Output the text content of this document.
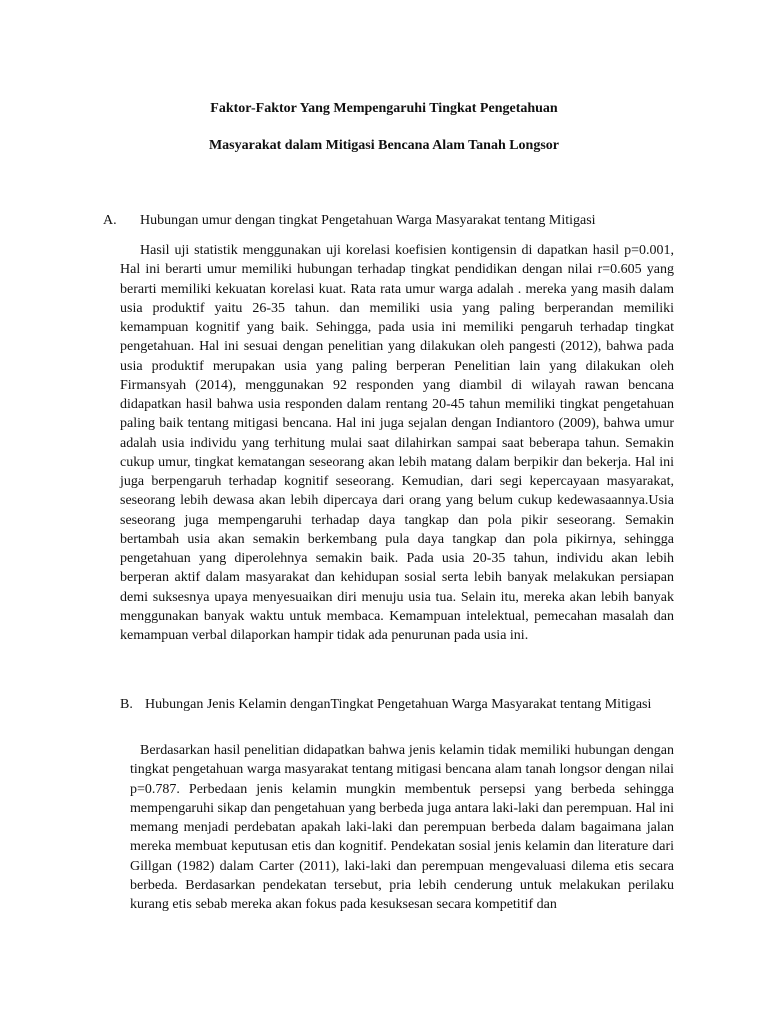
Faktor-Faktor Yang Mempengaruhi Tingkat Pengetahuan
Masyarakat dalam Mitigasi Bencana Alam Tanah Longsor
A. Hubungan umur dengan tingkat Pengetahuan Warga Masyarakat tentang Mitigasi
Hasil uji statistik menggunakan uji korelasi koefisien kontigensin di dapatkan hasil p=0.001, Hal ini berarti umur memiliki hubungan terhadap tingkat pendidikan dengan nilai r=0.605 yang berarti memiliki kekuatan korelasi kuat. Rata rata umur warga adalah . mereka yang masih dalam usia produktif yaitu 26-35 tahun. dan memiliki usia yang paling berperandan memiliki kemampuan kognitif yang baik. Sehingga, pada usia ini memiliki pengaruh terhadap tingkat pengetahuan. Hal ini sesuai dengan penelitian yang dilakukan oleh pangesti (2012), bahwa pada usia produktif merupakan usia yang paling berperan Penelitian lain yang dilakukan oleh Firmansyah (2014), menggunakan 92 responden yang diambil di wilayah rawan bencana didapatkan hasil bahwa usia responden dalam rentang 20-45 tahun memiliki tingkat pengetahuan paling baik tentang mitigasi bencana. Hal ini juga sejalan dengan Indiantoro (2009), bahwa umur adalah usia individu yang terhitung mulai saat dilahirkan sampai saat beberapa tahun. Semakin cukup umur, tingkat kematangan seseorang akan lebih matang dalam berpikir dan bekerja. Hal ini juga berpengaruh terhadap kognitif seseorang. Kemudian, dari segi kepercayaan masyarakat, seseorang lebih dewasa akan lebih dipercaya dari orang yang belum cukup kedewasaannya.Usia seseorang juga mempengaruhi terhadap daya tangkap dan pola pikir seseorang. Semakin bertambah usia akan semakin berkembang pula daya tangkap dan pola pikirnya, sehingga pengetahuan yang diperolehnya semakin baik. Pada usia 20-35 tahun, individu akan lebih berperan aktif dalam masyarakat dan kehidupan sosial serta lebih banyak melakukan persiapan demi suksesnya upaya menyesuaikan diri menuju usia tua. Selain itu, mereka akan lebih banyak menggunakan banyak waktu untuk membaca. Kemampuan intelektual, pemecahan masalah dan kemampuan verbal dilaporkan hampir tidak ada penurunan pada usia ini.
B. Hubungan Jenis Kelamin denganTingkat Pengetahuan Warga Masyarakat tentang Mitigasi
Berdasarkan hasil penelitian didapatkan bahwa jenis kelamin tidak memiliki hubungan dengan tingkat pengetahuan warga masyarakat tentang mitigasi bencana alam tanah longsor dengan nilai p=0.787. Perbedaan jenis kelamin mungkin membentuk persepsi yang berbeda sehingga mempengaruhi sikap dan pengetahuan yang berbeda juga antara laki-laki dan perempuan. Hal ini memang menjadi perdebatan apakah laki-laki dan perempuan berbeda dalam bagaimana jalan mereka membuat keputusan etis dan kognitif. Pendekatan sosial jenis kelamin dan literature dari Gillgan (1982) dalam Carter (2011), laki-laki dan perempuan mengevaluasi dilema etis secara berbeda. Berdasarkan pendekatan tersebut, pria lebih cenderung untuk melakukan perilaku kurang etis sebab mereka akan fokus pada kesuksesan secara kompetitif dan
